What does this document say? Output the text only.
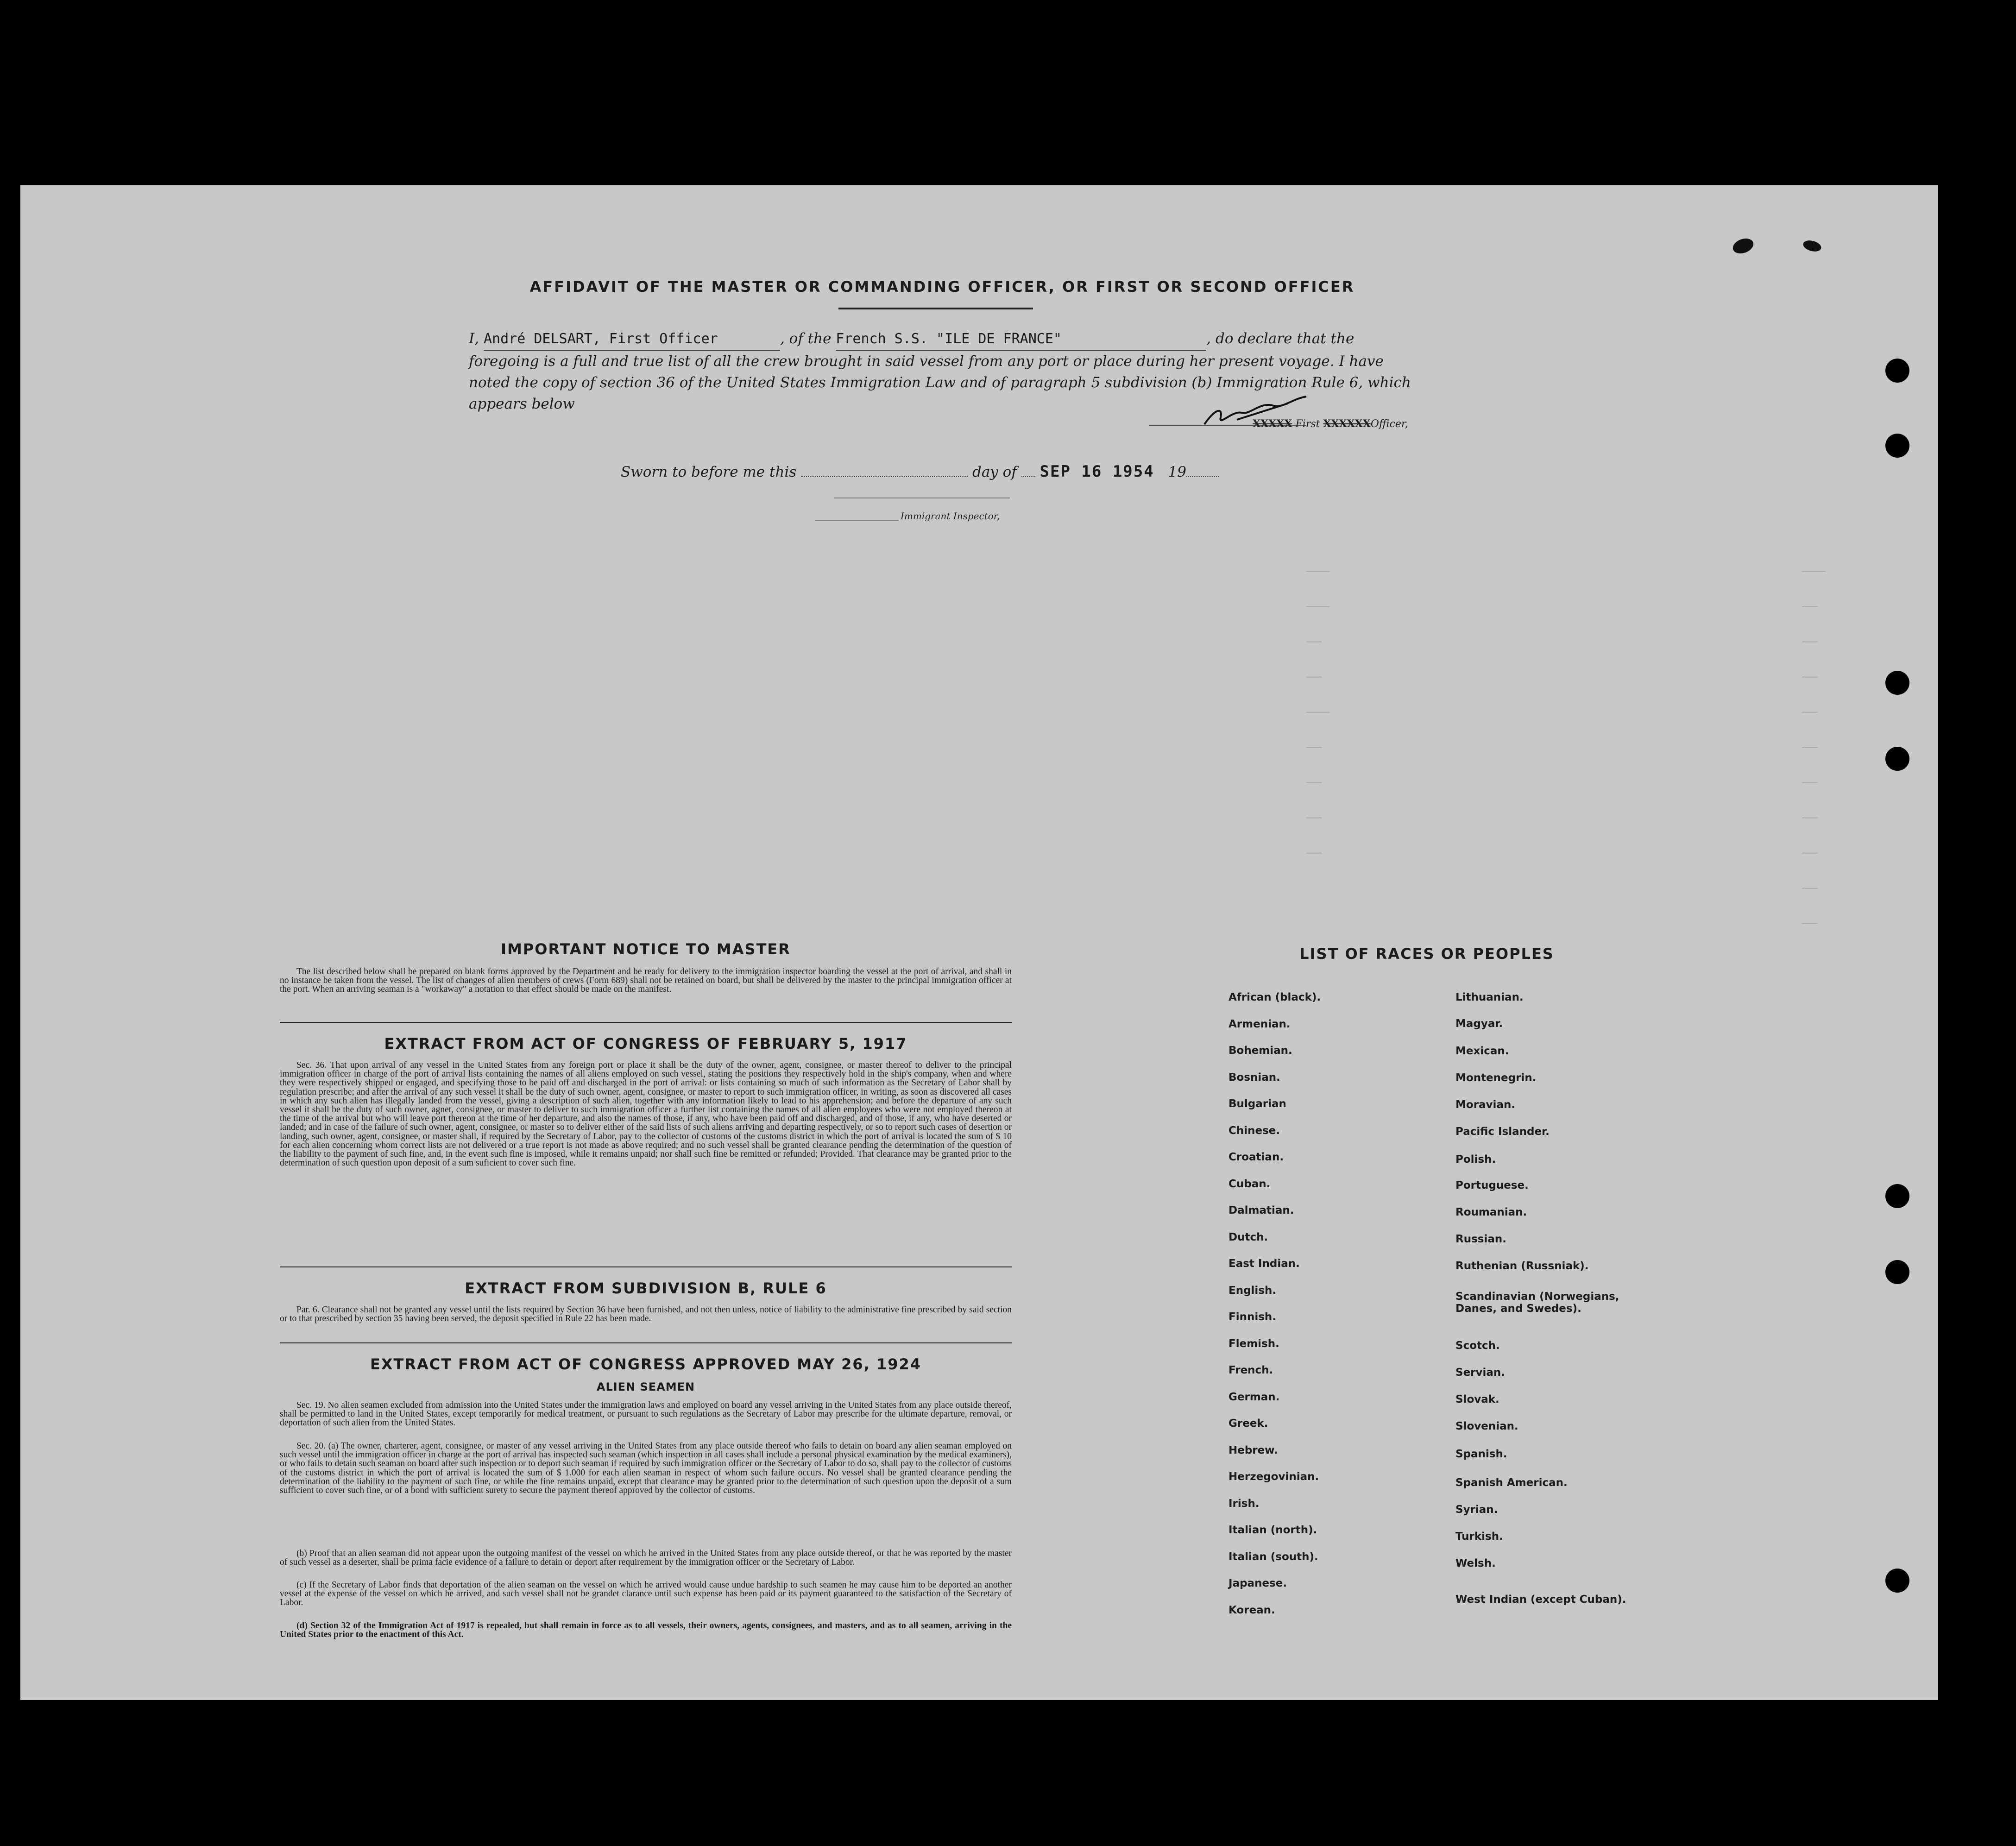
AFFIDAVIT OF THE MASTER OR COMMANDING OFFICER, OR FIRST OR SECOND OFFICER
I, André DELSART, First Officer	, of the French S.S. "ILE DE FRANCE"	, do declare that the foregoing is a full and true list of all the crew brought in said vessel from any port or place during her present voyage. I have noted the copy of section 36 of the United States Immigration Law and of paragraph 5 subdivision (b) Immigration Rule 6, which appears below
XXXXX First XXXXXXOfficer,
Sworn to before me this	day of SEP 16 1954 19
Immigrant Inspector,
–––
–––
––
––
–––
––
––
––
––
–––
––
––
––
––
––
––
––
––
––
––
IMPORTANT NOTICE TO MASTER
The list described below shall be prepared on blank forms approved by the Department and be ready for delivery to the immigration inspector boarding the vessel at the port of arrival, and shall in no instance be taken from the vessel. The list of changes of alien members of crews (Form 689) shall not be retained on board, but shall be delivered by the master to the principal immigration officer at the port. When an arriving seaman is a "workaway" a notation to that effect should be made on the manifest.
EXTRACT FROM ACT OF CONGRESS OF FEBRUARY 5, 1917
Sec. 36. That upon arrival of any vessel in the United States from any foreign port or place it shall be the duty of the owner, agent, consignee, or master thereof to deliver to the principal immigration officer in charge of the port of arrival lists containing the names of all aliens employed on such vessel, stating the positions they respectively hold in the ship's company, when and where they were respectively shipped or engaged, and specifying those to be paid off and discharged in the port of arrival: or lists containing so much of such information as the Secretary of Labor shall by regulation prescribe; and after the arrival of any such vessel it shall be the duty of such owner, agent, consignee, or master to report to such immigration officer, in writing, as soon as discovered all cases in which any such alien has illegally landed from the vessel, giving a description of such alien, together with any information likely to lead to his apprehension; and before the departure of any such vessel it shall be the duty of such owner, agnet, consignee, or master to deliver to such immigration officer a further list containing the names of all alien employees who were not employed thereon at the time of the arrival but who will leave port thereon at the time of her departure, and also the names of those, if any, who have been paid off and discharged, and of those, if any, who have deserted or landed; and in case of the failure of such owner, agent, consignee, or master so to deliver either of the said lists of such aliens arriving and departing respectively, or so to report such cases of desertion or landing, such owner, agent, consignee, or master shall, if required by the Secretary of Labor, pay to the collector of customs of the customs district in which the port of arrival is located the sum of $ 10 for each alien concerning whom correct lists are not delivered or a true report is not made as above required; and no such vessel shall be granted clearance pending the determination of the question of the liability to the payment of such fine, and, in the event such fine is imposed, while it remains unpaid; nor shall such fine be remitted or refunded; Provided. That clearance may be granted prior to the determination of such question upon deposit of a sum suficient to cover such fine.
EXTRACT FROM SUBDIVISION B, RULE 6
Par. 6. Clearance shall not be granted any vessel until the lists required by Section 36 have been furnished, and not then unless, notice of liability to the administrative fine prescribed by said section or to that prescribed by section 35 having been served, the deposit specified in Rule 22 has been made.
EXTRACT FROM ACT OF CONGRESS APPROVED MAY 26, 1924
ALIEN SEAMEN
Sec. 19. No alien seamen excluded from admission into the United States under the immigration laws and employed on board any vessel arriving in the United States from any place outside thereof, shall be permitted to land in the United States, except temporarily for medical treatment, or pursuant to such regulations as the Secretary of Labor may prescribe for the ultimate departure, removal, or deportation of such alien from the United States.
Sec. 20. (a) The owner, charterer, agent, consignee, or master of any vessel arriving in the United States from any place outside thereof who fails to detain on board any alien seaman employed on such vessel until the immigration officer in charge at the port of arrival has inspected such seaman (which inspection in all cases shall include a personal physical examination by the medical examiners), or who fails to detain such seaman on board after such inspection or to deport such seaman if required by such immigration officer or the Secretary of Labor to do so, shall pay to the collector of customs of the customs district in which the port of arrival is located the sum of $ 1.000 for each alien seaman in respect of whom such failure occurs. No vessel shall be granted clearance pending the determination of the liability to the payment of such fine, or while the fine remains unpaid, except that clearance may be granted prior to the determination of such question upon the deposit of a sum sufficient to cover such fine, or of a bond with sufficient surety to secure the payment thereof approved by the collector of customs.
(b) Proof that an alien seaman did not appear upon the outgoing manifest of the vessel on which he arrived in the United States from any place outside thereof, or that he was reported by the master of such vessel as a deserter, shall be prima facie evidence of a failure to detain or deport after requirement by the immigration officer or the Secretary of Labor.
(c) If the Secretary of Labor finds that deportation of the alien seaman on the vessel on which he arrived would cause undue hardship to such seamen he may cause him to be deported an another vessel at the expense of the vessel on which he arrived, and such vessel shall not be grandet clarance until such expense has been paid or its payment guaranteed to the satisfaction of the Secretary of Labor.
(d) Section 32 of the Immigration Act of 1917 is repealed, but shall remain in force as to all vessels, their owners, agents, consignees, and masters, and as to all seamen, arriving in the United States prior to the enactment of this Act.
LIST OF RACES OR PEOPLES
African (black).
Armenian.
Bohemian.
Bosnian.
Bulgarian
Chinese.
Croatian.
Cuban.
Dalmatian.
Dutch.
East Indian.
English.
Finnish.
Flemish.
French.
German.
Greek.
Hebrew.
Herzegovinian.
Irish.
Italian (north).
Italian (south).
Japanese.
Korean.
Lithuanian.
Magyar.
Mexican.
Montenegrin.
Moravian.
Pacific Islander.
Polish.
Portuguese.
Roumanian.
Russian.
Ruthenian (Russniak).
Scandinavian (Norwegians, Danes, and Swedes).
Scotch.
Servian.
Slovak.
Slovenian.
Spanish.
Spanish American.
Syrian.
Turkish.
Welsh.
West Indian (except Cuban).
